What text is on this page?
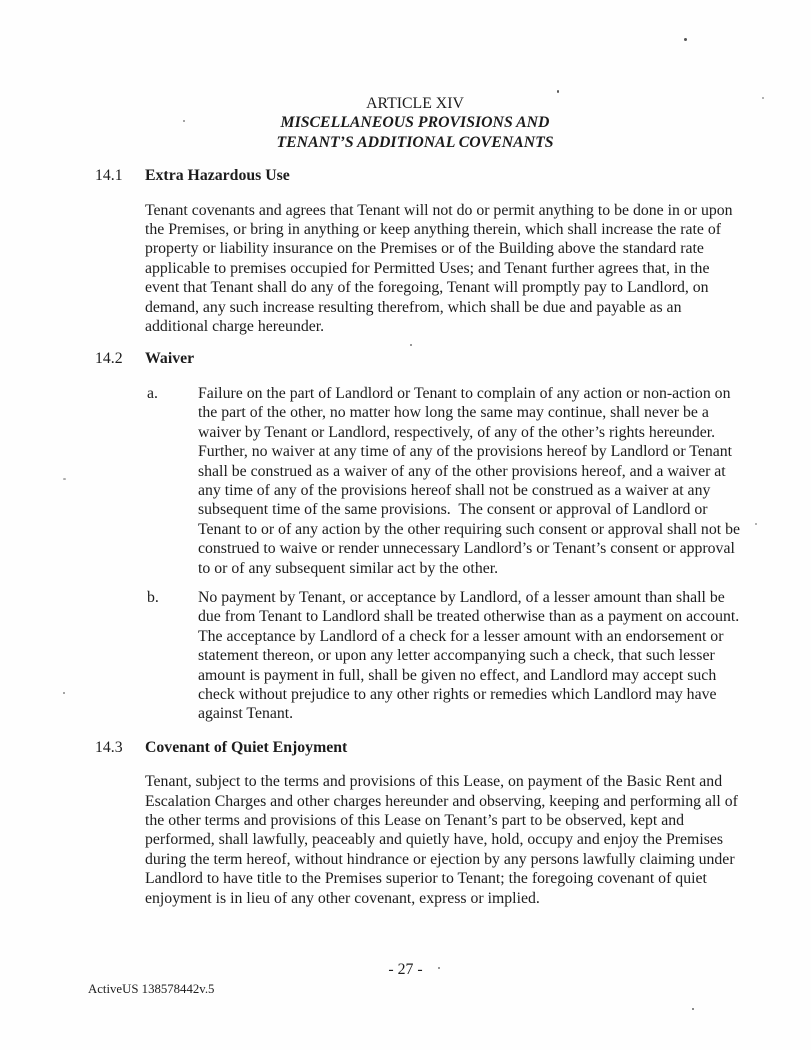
ARTICLE XIV
MISCELLANEOUS PROVISIONS AND
TENANT’S ADDITIONAL COVENANTS
14.1	Extra Hazardous Use

Tenant covenants and agrees that Tenant will not do or permit anything to be done in or upon the Premises, or bring in anything or keep anything therein, which shall increase the rate of property or liability insurance on the Premises or of the Building above the standard rate applicable to premises occupied for Permitted Uses; and Tenant further agrees that, in the event that Tenant shall do any of the foregoing, Tenant will promptly pay to Landlord, on demand, any such increase resulting therefrom, which shall be due and payable as an additional charge hereunder.

14.2	Waiver
a.	Failure on the part of Landlord or Tenant to complain of any action or non-action on the part of the other, no matter how long the same may continue, shall never be a waiver by Tenant or Landlord, respectively, of any of the other’s rights hereunder.  Further, no waiver at any time of any of the provisions hereof by Landlord or Tenant shall be construed as a waiver of any of the other provisions hereof, and a waiver at any time of any of the provisions hereof shall not be construed as a waiver at any subsequent time of the same provisions.  The consent or approval of Landlord or Tenant to or of any action by the other requiring such consent or approval shall not be construed to waive or render unnecessary Landlord’s or Tenant’s consent or approval to or of any subsequent similar act by the other.
b.	No payment by Tenant, or acceptance by Landlord, of a lesser amount than shall be due from Tenant to Landlord shall be treated otherwise than as a payment on account.  The acceptance by Landlord of a check for a lesser amount with an endorsement or statement thereon, or upon any letter accompanying such a check, that such lesser amount is payment in full, shall be given no effect, and Landlord may accept such check without prejudice to any other rights or remedies which Landlord may have against Tenant.
14.3	Covenant of Quiet Enjoyment

Tenant, subject to the terms and provisions of this Lease, on payment of the Basic Rent and Escalation Charges and other charges hereunder and observing, keeping and performing all of the other terms and provisions of this Lease on Tenant’s part to be observed, kept and performed, shall lawfully, peaceably and quietly have, hold, occupy and enjoy the Premises during the term hereof, without hindrance or ejection by any persons lawfully claiming under Landlord to have title to the Premises superior to Tenant; the foregoing covenant of quiet enjoyment is in lieu of any other covenant, express or implied.

- 27 -
ActiveUS 138578442v.5
